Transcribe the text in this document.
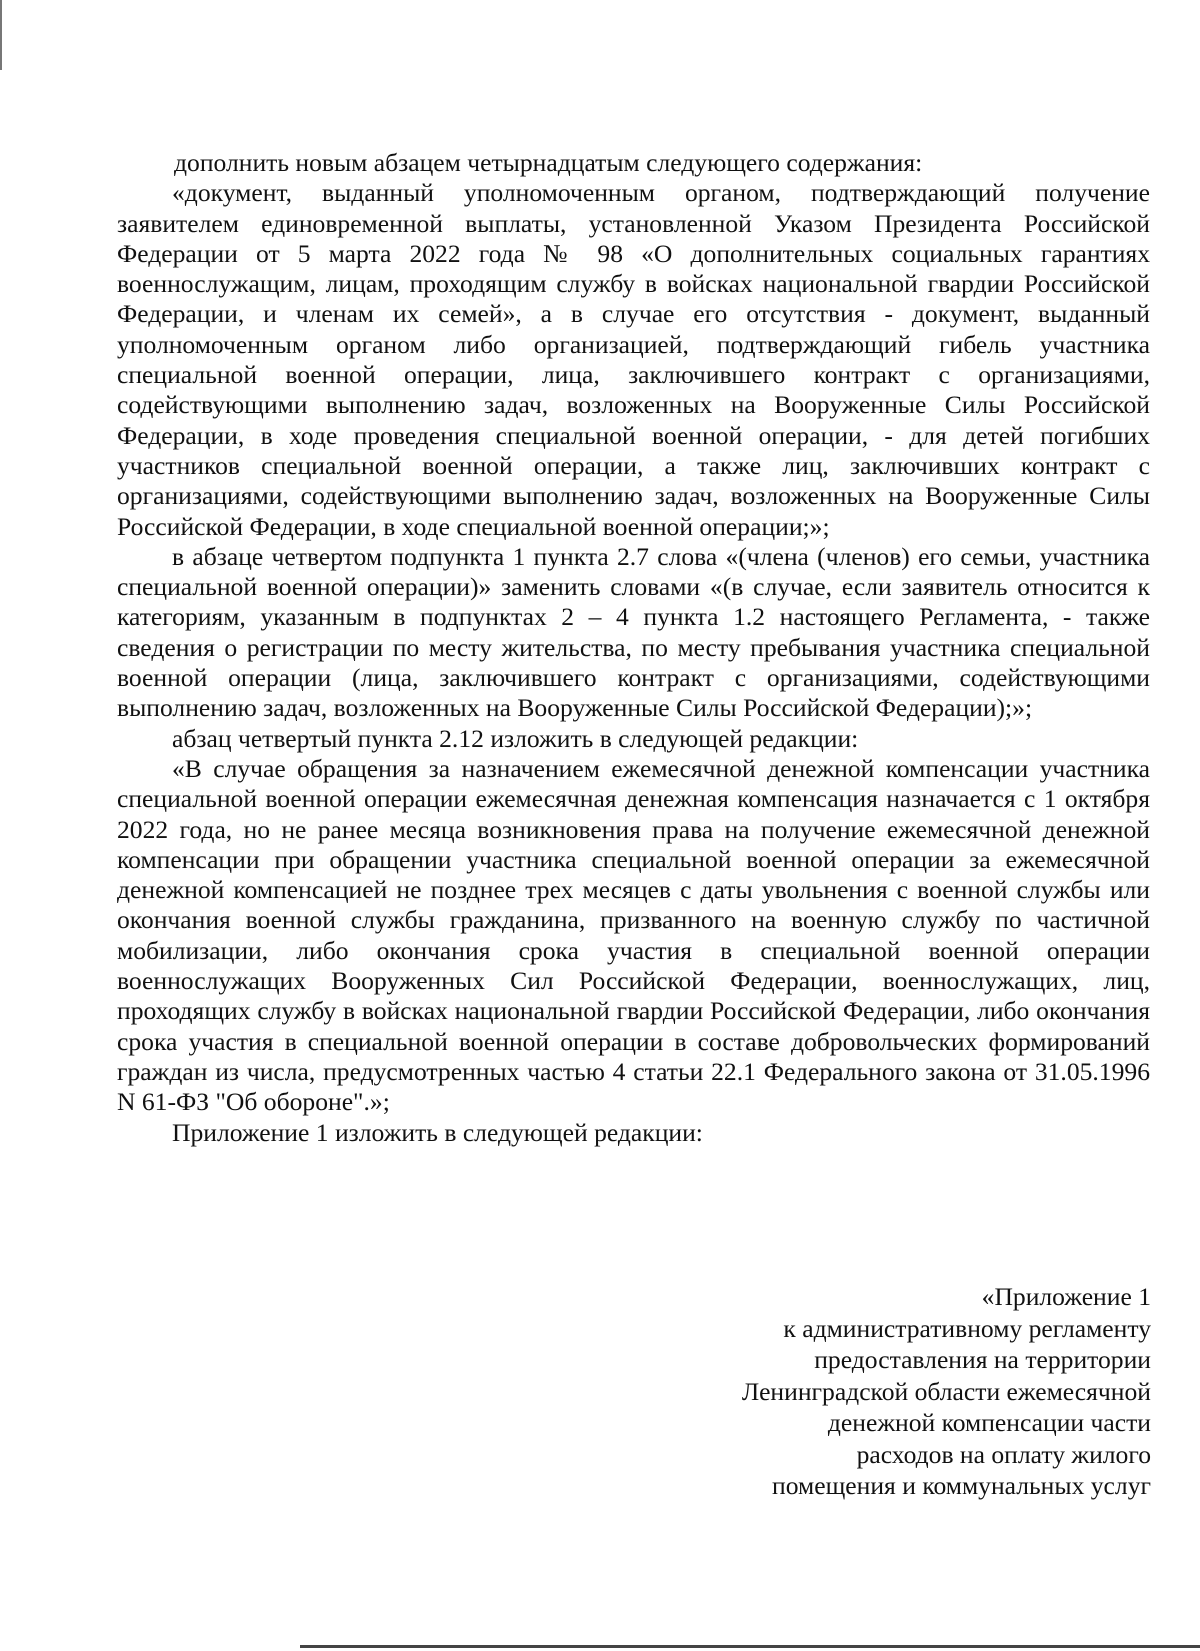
дополнить новым абзацем четырнадцатым следующего содержания:

«документ, выданный уполномоченным органом, подтверждающий получение заявителем единовременной выплаты, установленной Указом Президента Российской Федерации от 5 марта 2022 года № 98 «О дополнительных социальных гарантиях военнослужащим, лицам, проходящим службу в войсках национальной гвардии Российской Федерации, и членам их семей», а в случае его отсутствия - документ, выданный уполномоченным органом либо организацией, подтверждающий гибель участника специальной военной операции, лица, заключившего контракт с организациями, содействующими выполнению задач, возложенных на Вооруженные Силы Российской Федерации, в ходе проведения специальной военной операции, - для детей погибших участников специальной военной операции, а также лиц, заключивших контракт с организациями, содействующими выполнению задач, возложенных на Вооруженные Силы Российской Федерации, в ходе специальной военной операции;»;

в абзаце четвертом подпункта 1 пункта 2.7 слова «(члена (членов) его семьи, участника специальной военной операции)» заменить словами «(в случае, если заявитель относится к категориям, указанным в подпунктах 2 – 4 пункта 1.2 настоящего Регламента, - также сведения о регистрации по месту жительства, по месту пребывания участника специальной военной операции (лица, заключившего контракт с организациями, содействующими выполнению задач, возложенных на Вооруженные Силы Российской Федерации);»;

абзац четвертый пункта 2.12 изложить в следующей редакции:

«В случае обращения за назначением ежемесячной денежной компенсации участника специальной военной операции ежемесячная денежная компенсация назначается с 1 октября 2022 года, но не ранее месяца возникновения права на получение ежемесячной денежной компенсации при обращении участника специальной военной операции за ежемесячной денежной компенсацией не позднее трех месяцев с даты увольнения с военной службы или окончания военной службы гражданина, призванного на военную службу по частичной мобилизации, либо окончания срока участия в специальной военной операции военнослужащих Вооруженных Сил Российской Федерации, военнослужащих, лиц, проходящих службу в войсках национальной гвардии Российской Федерации, либо окончания срока участия в специальной военной операции в составе добровольческих формирований граждан из числа, предусмотренных частью 4 статьи 22.1 Федерального закона от 31.05.1996 N 61-ФЗ "Об обороне".»;

Приложение 1 изложить в следующей редакции:

«Приложение 1
к административному регламенту
предоставления на территории
Ленинградской области ежемесячной
денежной компенсации части
расходов на оплату жилого
помещения и коммунальных услуг
